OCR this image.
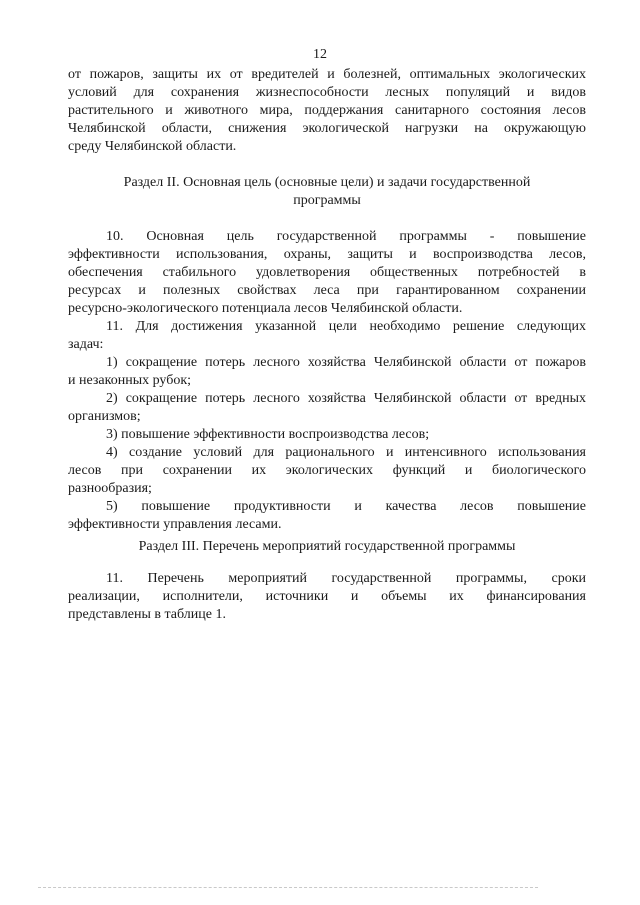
12
от пожаров, защиты их от вредителей и болезней, оптимальных экологических
условий для сохранения жизнеспособности лесных популяций и видов
растительного и животного мира, поддержания санитарного состояния лесов
Челябинской области, снижения экологической нагрузки на окружающую
среду Челябинской области.
Раздел II. Основная цель (основные цели) и задачи государственной
программы
10. Основная цель государственной программы - повышение
эффективности использования, охраны, защиты и воспроизводства лесов,
обеспечения стабильного удовлетворения общественных потребностей в
ресурсах и полезных свойствах леса при гарантированном сохранении
ресурсно-экологического потенциала лесов Челябинской области.
11. Для достижения указанной цели необходимо решение следующих
задач:
1) сокращение потерь лесного хозяйства Челябинской области от пожаров
и незаконных рубок;
2) сокращение потерь лесного хозяйства Челябинской области от вредных
организмов;
3) повышение эффективности воспроизводства лесов;
4) создание условий для рационального и интенсивного использования
лесов при сохранении их экологических функций и биологического
разнообразия;
5) повышение продуктивности и качества лесов повышение
эффективности управления лесами.
Раздел III. Перечень мероприятий государственной программы
11. Перечень мероприятий государственной программы, сроки
реализации, исполнители, источники и объемы их финансирования
представлены в таблице 1.
